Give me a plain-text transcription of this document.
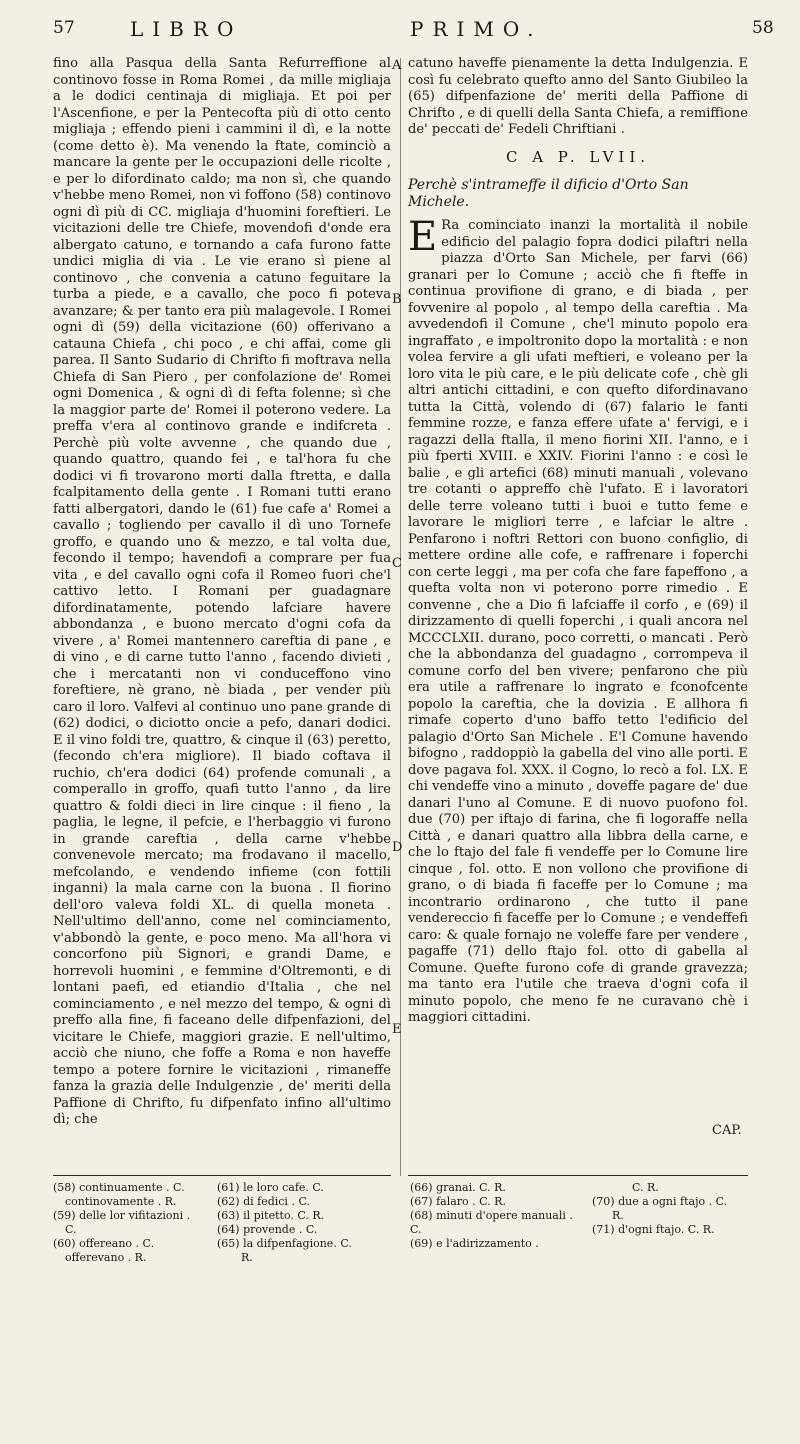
57	LIBRO	PRIMO.	58
A
B
C
D
E

fino alla Pasqua della Santa Refurreffione al continovo fosse in Roma Romei , da mille migliaja a le dodici centinaja di migliaja. Et poi per l'Ascenfione, e per la Pentecofta più di otto cento migliaja ; effendo pieni i cammini il dì, e la notte (come detto è). Ma venendo la ftate, cominciò a mancare la gente per le occupazioni delle ricolte , e per lo difordinato caldo; ma non sì, che quando v'hebbe meno Romei, non vi foffono (58) continovo ogni dì più di CC. migliaja d'huomini foreftieri. Le vicitazioni delle tre Chiefe, movendofi d'onde era albergato catuno, e tornando a cafa furono fatte undici miglia di via . Le vie erano sì piene al continovo , che convenia a catuno feguitare la turba a piede, e a cavallo, che poco fi poteva avanzare; & per tanto era più malagevole. I Romei ogni dì (59) della vicitazione (60) offerivano a catauna Chiefa , chi poco , e chi affai, come gli parea. Il Santo Sudario di Chrifto fi moftrava nella Chiefa di San Piero , per confolazione de' Romei ogni Domenica , & ogni dì di fefta folenne; sì che la maggior parte de' Romei il poterono vedere. La preffa v'era al continovo grande e indifcreta . Perchè più volte avvenne , che quando due , quando quattro, quando fei , e tal'hora fu che dodici vi fi trovarono morti dalla ftretta, e dalla fcalpitamento della gente . I Romani tutti erano fatti albergatori, dando le (61) fue cafe a' Romei a cavallo ; togliendo per cavallo il dì uno Tornefe groffo, e quando uno & mezzo, e tal volta due, fecondo il tempo; havendofi a comprare per fua vita , e del cavallo ogni cofa il Romeo fuori che'l cattivo letto. I Romani per guadagnare difordinatamente, potendo lafciare havere abbondanza , e buono mercato d'ogni cofa da vivere , a' Romei mantennero careftia di pane , e di vino , e di carne tutto l'anno , facendo divieti , che i mercatanti non vi conduceffono vino foreftiere, nè grano, nè biada , per vender più caro il loro. Valfevi al continuo uno pane grande di (62) dodici, o diciotto oncie a pefo, danari dodici. E il vino foldi tre, quattro, & cinque il (63) peretto, (fecondo ch'era migliore). Il biado coftava il ruchio, ch'era dodici (64) profende comunali , a comperallo in groffo, quafi tutto l'anno , da lire quattro & foldi dieci in lire cinque : il fieno , la paglia, le legne, il pefcie, e l'herbaggio vi furono in grande careftia , della carne v'hebbe convenevole mercato; ma frodavano il macello, mefcolando, e vendendo infieme (con fottili inganni) la mala carne con la buona . Il fiorino dell'oro valeva foldi XL. di quella moneta . Nell'ultimo dell'anno, come nel cominciamento, v'abbondò la gente, e poco meno. Ma all'hora vi concorfono più Signori, e grandi Dame, e horrevoli huomini , e femmine d'Oltremonti, e di lontani paefi, ed etiandio d'Italia , che nel cominciamento , e nel mezzo del tempo, & ogni dì preffo alla fine, fi faceano delle difpenfazioni, del vicitare le Chiefe, maggiori grazie. E nell'ultimo, acciò che niuno, che foffe a Roma e non haveffe tempo a potere fornire le vicitazioni , rimaneffe fanza la grazia delle Indulgenzie , de' meriti della Paffione di Chrifto, fu difpenfato infino all'ultimo dì; che

catuno haveffe pienamente la detta Indulgenzia. E così fu celebrato quefto anno del Santo Giubileo la (65) difpenfazione de' meriti della Paffione di Chrifto , e di quelli della Santa Chiefa, a remiffione de' peccati de' Fedeli Chriftiani .

C A P. LVII.
Perchè s'intrameffe il dificio d'Orto San Michele.

E Ra cominciato inanzi la mortalità il nobile edificio del palagio fopra dodici pilaftri nella piazza d'Orto San Michele, per farvi (66) granari per lo Comune ; acciò che fi fteffe in continua provifione di grano, e di biada , per fovvenire al popolo , al tempo della careftia . Ma avvedendofi il Comune , che'l minuto popolo era ingraffato , e impoltronito dopo la mortalità : e non volea fervire a gli ufati meftieri, e voleano per la loro vita le più care, e le più delicate cofe , chè gli altri antichi cittadini, e con quefto difordinavano tutta la Città, volendo di (67) falario le fanti femmine rozze, e fanza effere ufate a' fervigi, e i ragazzi della ftalla, il meno fiorini XII. l'anno, e i più fperti XVIII. e XXIV. Fiorini l'anno : e così le balie , e gli artefici (68) minuti manuali , volevano tre cotanti o appreffo chè l'ufato. E i lavoratori delle terre voleano tutti i buoi e tutto feme e lavorare le migliori terre , e lafciar le altre . Penfarono i noftri Rettori con buono configlio, di mettere ordine alle cofe, e raffrenare i foperchi con certe leggi , ma per cofa che fare fapeffono , a quefta volta non vi poterono porre rimedio . E convenne , che a Dio fi lafciaffe il corfo , e (69) il dirizzamento di quelli foperchi , i quali ancora nel MCCCLXII. durano, poco corretti, o mancati . Però che la abbondanza del guadagno , corrompeva il comune corfo del ben vivere; penfarono che più era utile a raffrenare lo ingrato e fconofcente popolo la careftia, che la dovizia . E allhora fi rimafe coperto d'uno baffo tetto l'edificio del palagio d'Orto San Michele . E'l Comune havendo bifogno , raddoppiò la gabella del vino alle porti. E dove pagava fol. XXX. il Cogno, lo recò a fol. LX. E chi vendeffe vino a minuto , doveffe pagare de' due danari l'uno al Comune. E di nuovo puofono fol. due (70) per iftajo di farina, che fi logoraffe nella Città , e danari quattro alla libbra della carne, e che lo ftajo del fale fi vendeffe per lo Comune lire cinque , fol. otto. E non vollono che provifione di grano, o di biada fi faceffe per lo Comune ; ma incontrario ordinarono , che tutto il pane vendereccio fi faceffe per lo Comune ; e vendeffefi caro: & quale fornajo ne voleffe fare per vendere , pagaffe (71) dello ftajo fol. otto di gabella al Comune. Quefte furono cofe di grande gravezza; ma tanto era l'utile che traeva d'ogni cofa il minuto popolo, che meno fe ne curavano chè i maggiori cittadini.

CAP.

(58) continuamente . C.

continovamente . R.

(59) delle lor vifitazioni .

C.

(60) offereano . C.

offerevano . R.

(61) le loro cafe. C.

(62) di fedici . C.

(63) il pitetto. C. R.

(64) provende . C.

(65) la difpenfagione. C.

R.

(66) granai. C. R.

(67) falaro . C. R.

(68) minuti d'opere manuali . C.

(69) e l'adirizzamento .

C. R.

(70) due a ogni ftajo . C.

R.

(71) d'ogni ftajo. C. R.
